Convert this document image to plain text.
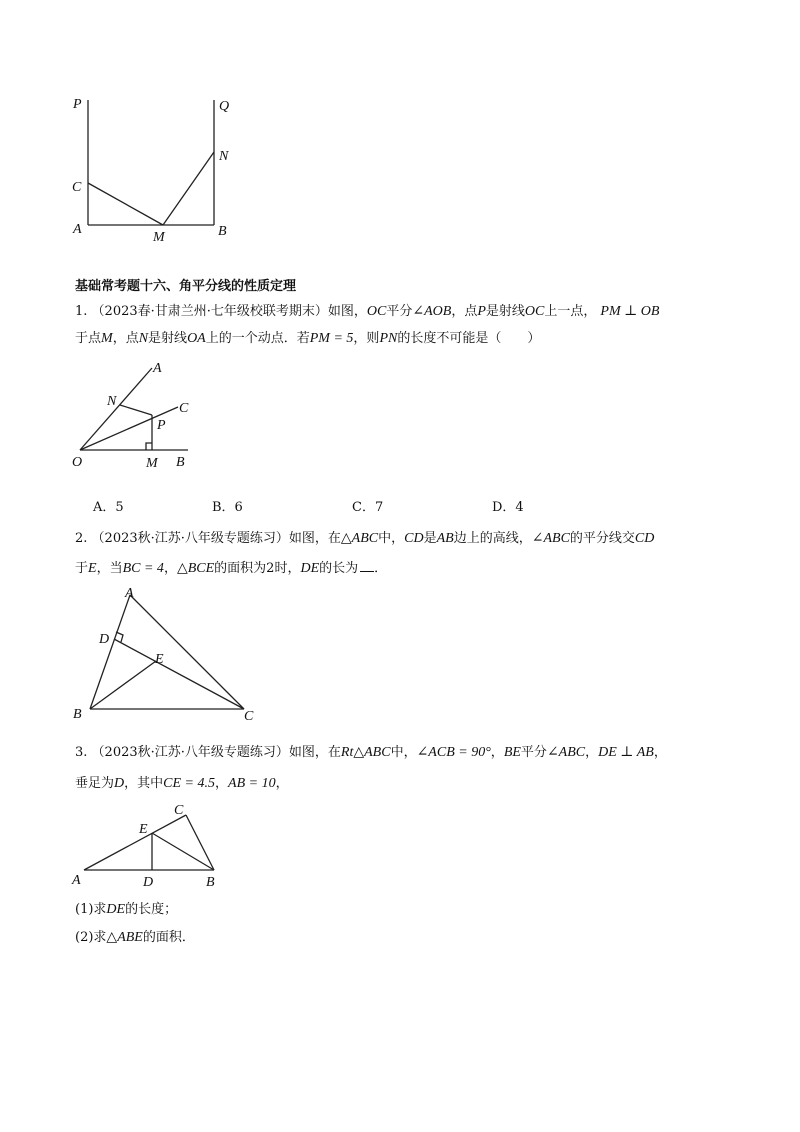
P	Q
C
N
A
M	B
基础常考题十六、角平分线的性质定理
1. （2023春·甘肃兰州·七年级校联考期末）如图，OC平分∠AOB，点P是射线OC上一点， PM ⊥ OB
于点M，点N是射线OA上的一个动点．若PM = 5，则PN的长度不可能是（　　）
A
N	C
P
O	M B
A．5	B．6	C．7	D．4
2. （2023秋·江苏·八年级专题练习）如图，在△ABC中，CD是AB边上的高线，∠ABC的平分线交CD
于E，当BC = 4，△BCE的面积为2时，DE的长为 ．
A
D
E
B	C
3. （2023秋·江苏·八年级专题练习）如图，在Rt△ABC中，∠ACB = 90°，BE平分∠ABC，DE ⊥ AB，
垂足为D，其中CE = 4.5，AB = 10，
C
E
A	D	B
(1)求DE的长度；
(2)求△ABE的面积．
